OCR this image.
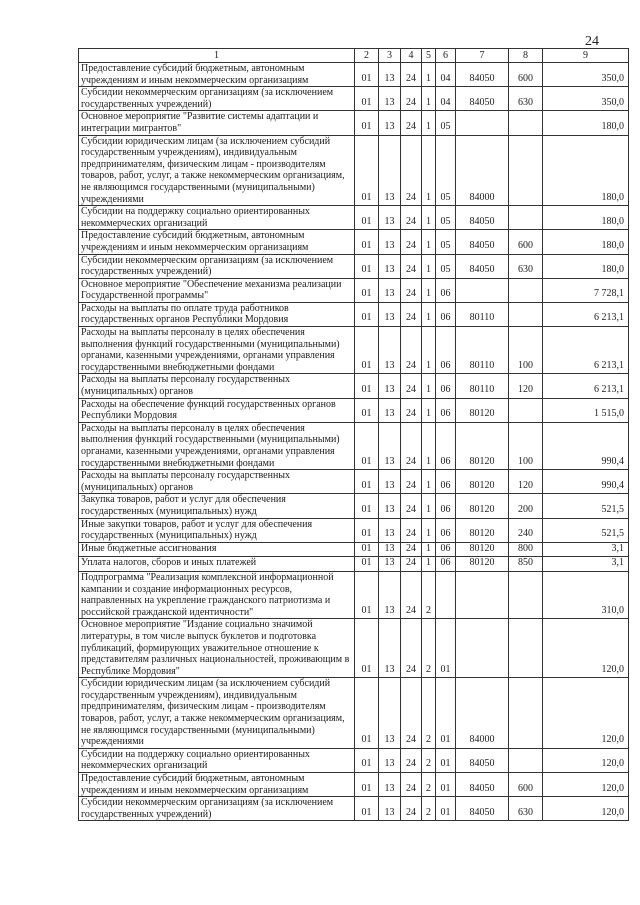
24
1	2	3	4	5	6	7	8	9
Предоставление субсидий бюджетным, автономным учреждениям и иным некоммерческим организациям	01	13	24	1	04	84050	600	350,0
Субсидии некоммерческим организациям (за исключением государственных учреждений)	01	13	24	1	04	84050	630	350,0
Основное мероприятие "Развитие системы адаптации и интеграции мигрантов"	01	13	24	1	05			180,0
Субсидии юридическим лицам (за исключением субсидий государственным учреждениям), индивидуальным предпринимателям, физическим лицам - производителям товаров, работ, услуг, а также некоммерческим организациям, не являющимся государственными (муниципальными) учреждениями	01	13	24	1	05	84000		180,0
Субсидии на поддержку социально ориентированных некоммерческих организаций	01	13	24	1	05	84050		180,0
Предоставление субсидий бюджетным, автономным учреждениям и иным некоммерческим организациям	01	13	24	1	05	84050	600	180,0
Субсидии некоммерческим организациям (за исключением государственных учреждений)	01	13	24	1	05	84050	630	180,0
Основное мероприятие "Обеспечение механизма реализации Государственной программы"	01	13	24	1	06			7 728,1
Расходы на выплаты по оплате труда работников государственных органов Республики Мордовия	01	13	24	1	06	80110		6 213,1
Расходы на выплаты персоналу в целях обеспечения выполнения функций государственными (муниципальными) органами, казенными учреждениями, органами управления государственными внебюджетными фондами	01	13	24	1	06	80110	100	6 213,1
Расходы на выплаты персоналу государственных (муниципальных) органов	01	13	24	1	06	80110	120	6 213,1
Расходы на обеспечение функций государственных органов Республики Мордовия	01	13	24	1	06	80120		1 515,0
Расходы на выплаты персоналу в целях обеспечения выполнения функций государственными (муниципальными) органами, казенными учреждениями, органами управления государственными внебюджетными фондами	01	13	24	1	06	80120	100	990,4
Расходы на выплаты персоналу государственных (муниципальных) органов	01	13	24	1	06	80120	120	990,4
Закупка товаров, работ и услуг для обеспечения государственных (муниципальных) нужд	01	13	24	1	06	80120	200	521,5
Иные закупки товаров, работ и услуг для обеспечения государственных (муниципальных) нужд	01	13	24	1	06	80120	240	521,5
Иные бюджетные ассигнования	01	13	24	1	06	80120	800	3,1
Уплата налогов, сборов и иных платежей	01	13	24	1	06	80120	850	3,1
Подпрограмма "Реализация комплексной информационной кампании и создание информационных ресурсов, направленных на укрепление гражданского патриотизма и российской гражданской идентичности"	01	13	24	2				310,0
Основное мероприятие "Издание социально значимой литературы, в том числе выпуск буклетов и подготовка публикаций, формирующих уважительное отношение к представителям различных национальностей, проживающим в Республике Мордовия"	01	13	24	2	01			120,0
Субсидии юридическим лицам (за исключением субсидий государственным учреждениям), индивидуальным предпринимателям, физическим лицам - производителям товаров, работ, услуг, а также некоммерческим организациям, не являющимся государственными (муниципальными) учреждениями	01	13	24	2	01	84000		120,0
Субсидии на поддержку социально ориентированных некоммерческих организаций	01	13	24	2	01	84050		120,0
Предоставление субсидий бюджетным, автономным учреждениям и иным некоммерческим организациям	01	13	24	2	01	84050	600	120,0
Субсидии некоммерческим организациям (за исключением государственных учреждений)	01	13	24	2	01	84050	630	120,0
